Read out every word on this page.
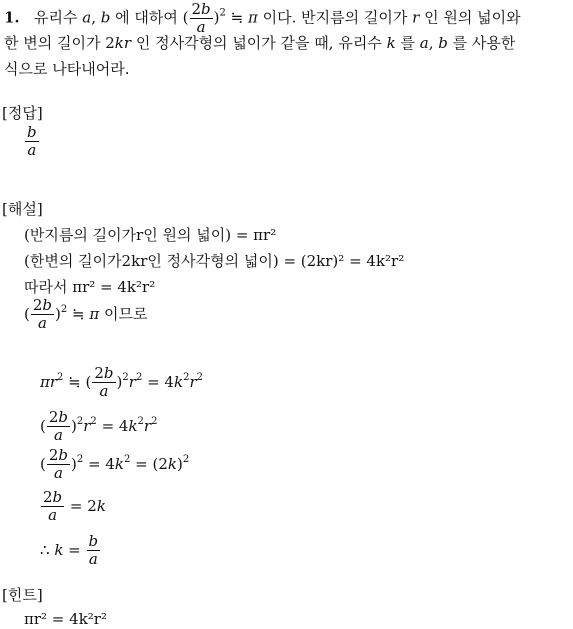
1. 유리수 a, b 에 대하여 ( $\frac{2b}{a} )^2$ ≒ π 이다. 반지름의 길이가 r 인 원의 넓이와
한 변의 길이가 2kr 인 정사각형의 넓이가 같을 때, 유리수 k 를 a, b 를 사용한
식으로 나타내어라.
[정답]
$\frac{b}{a}$
[해설]
(반지름의 길이가r인 원의 넓이) = πr²
(한변의 길이가2kr인 정사각형의 넓이) = (2kr)² = 4k²r²
따라서 πr² = 4k²r²
( $\frac{2b}{a} )^2$ ≒ π 이므로
$\pi r^2$ ≒ ( $\frac{2b}{a} )^2r^2 = 4k^2r^2$
( $\frac{2b}{a} )^2r^2 = 4k^2r^2$
( $\frac{2b}{a} )^2 = 4k^2 = (2k)^2$
$\frac{2b}{a} = 2k$
∴ $k = \frac{b}{a}$
[힌트]
πr² = 4k²r²
